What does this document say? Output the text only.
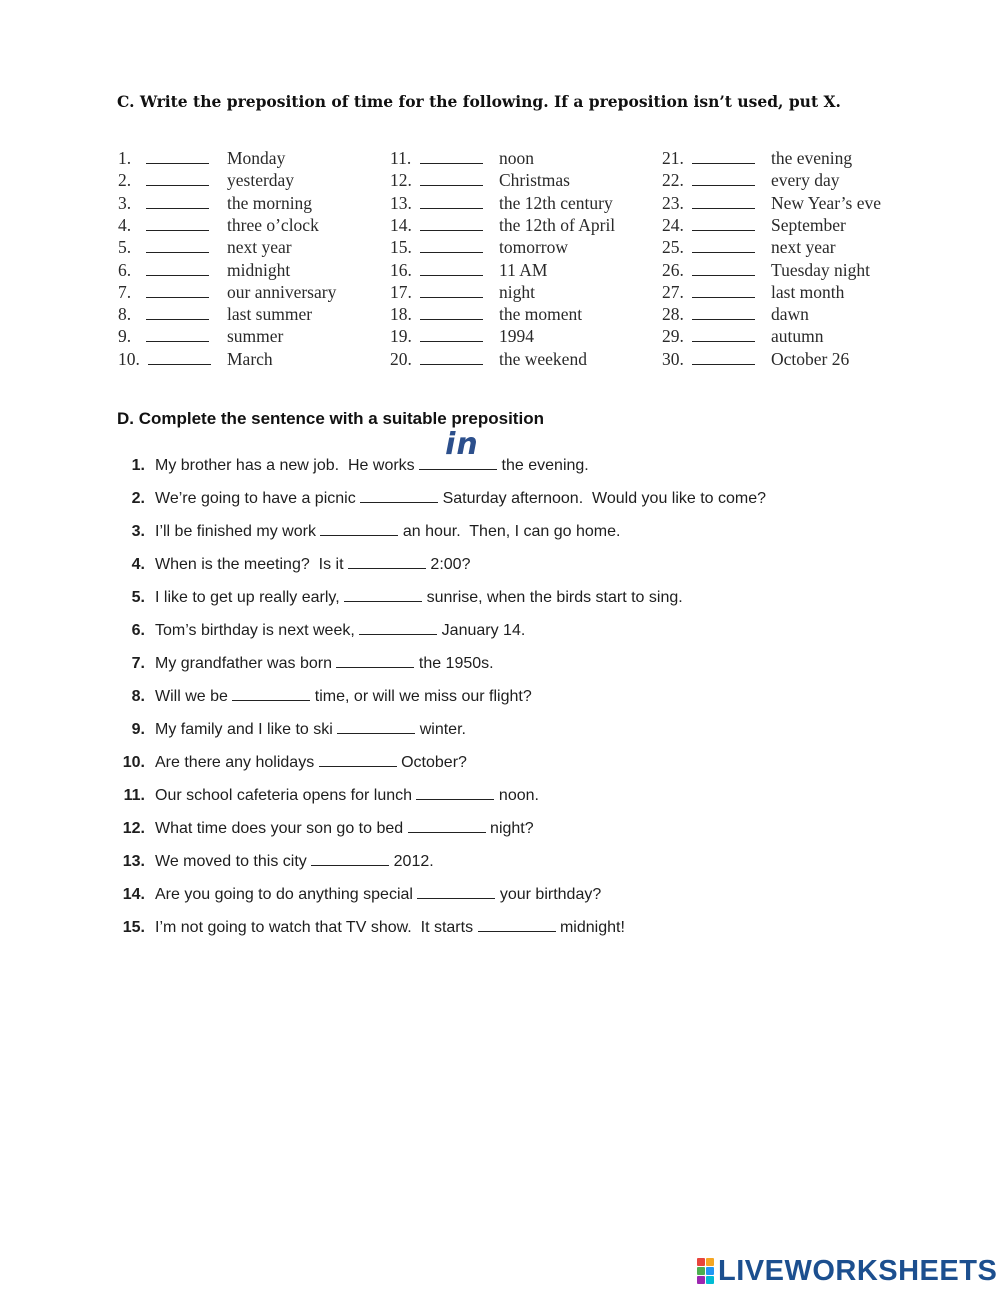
C. Write the preposition of time for the following. If a preposition isn’t used, put X.
1.	Monday
2.	yesterday
3.	the morning
4.	three o’clock
5.	next year
6.	midnight
7.	our anniversary
8.	last summer
9.	summer
10.	March
11.	noon
12.	Christmas
13.	the 12th century
14.	the 12th of April
15.	tomorrow
16.	11 AM
17.	night
18.	the moment
19.	1994
20.	the weekend
21.	the evening
22.	every day
23.	New Year’s eve
24.	September
25.	next year
26.	Tuesday night
27.	last month
28.	dawn
29.	autumn
30.	October 26
D. Complete the sentence with a suitable preposition
1. My brother has a new job.  He works
in
the evening.
2. We’re going to have a picnic	Saturday afternoon.  Would you like to come?
3. I’ll be finished my work	an hour.  Then, I can go home.
4. When is the meeting?  Is it	2:00?
5. I like to get up really early,	sunrise, when the birds start to sing.
6. Tom’s birthday is next week,	January 14.
7. My grandfather was born	the 1950s.
8. Will we be	time, or will we miss our flight?
9. My family and I like to ski	winter.
10. Are there any holidays	October?
11. Our school cafeteria opens for lunch	noon.
12. What time does your son go to bed	night?
13. We moved to this city	2012.
14. Are you going to do anything special	your birthday?
15. I’m not going to watch that TV show.  It starts	midnight!
LIVEWORKSHEETS
